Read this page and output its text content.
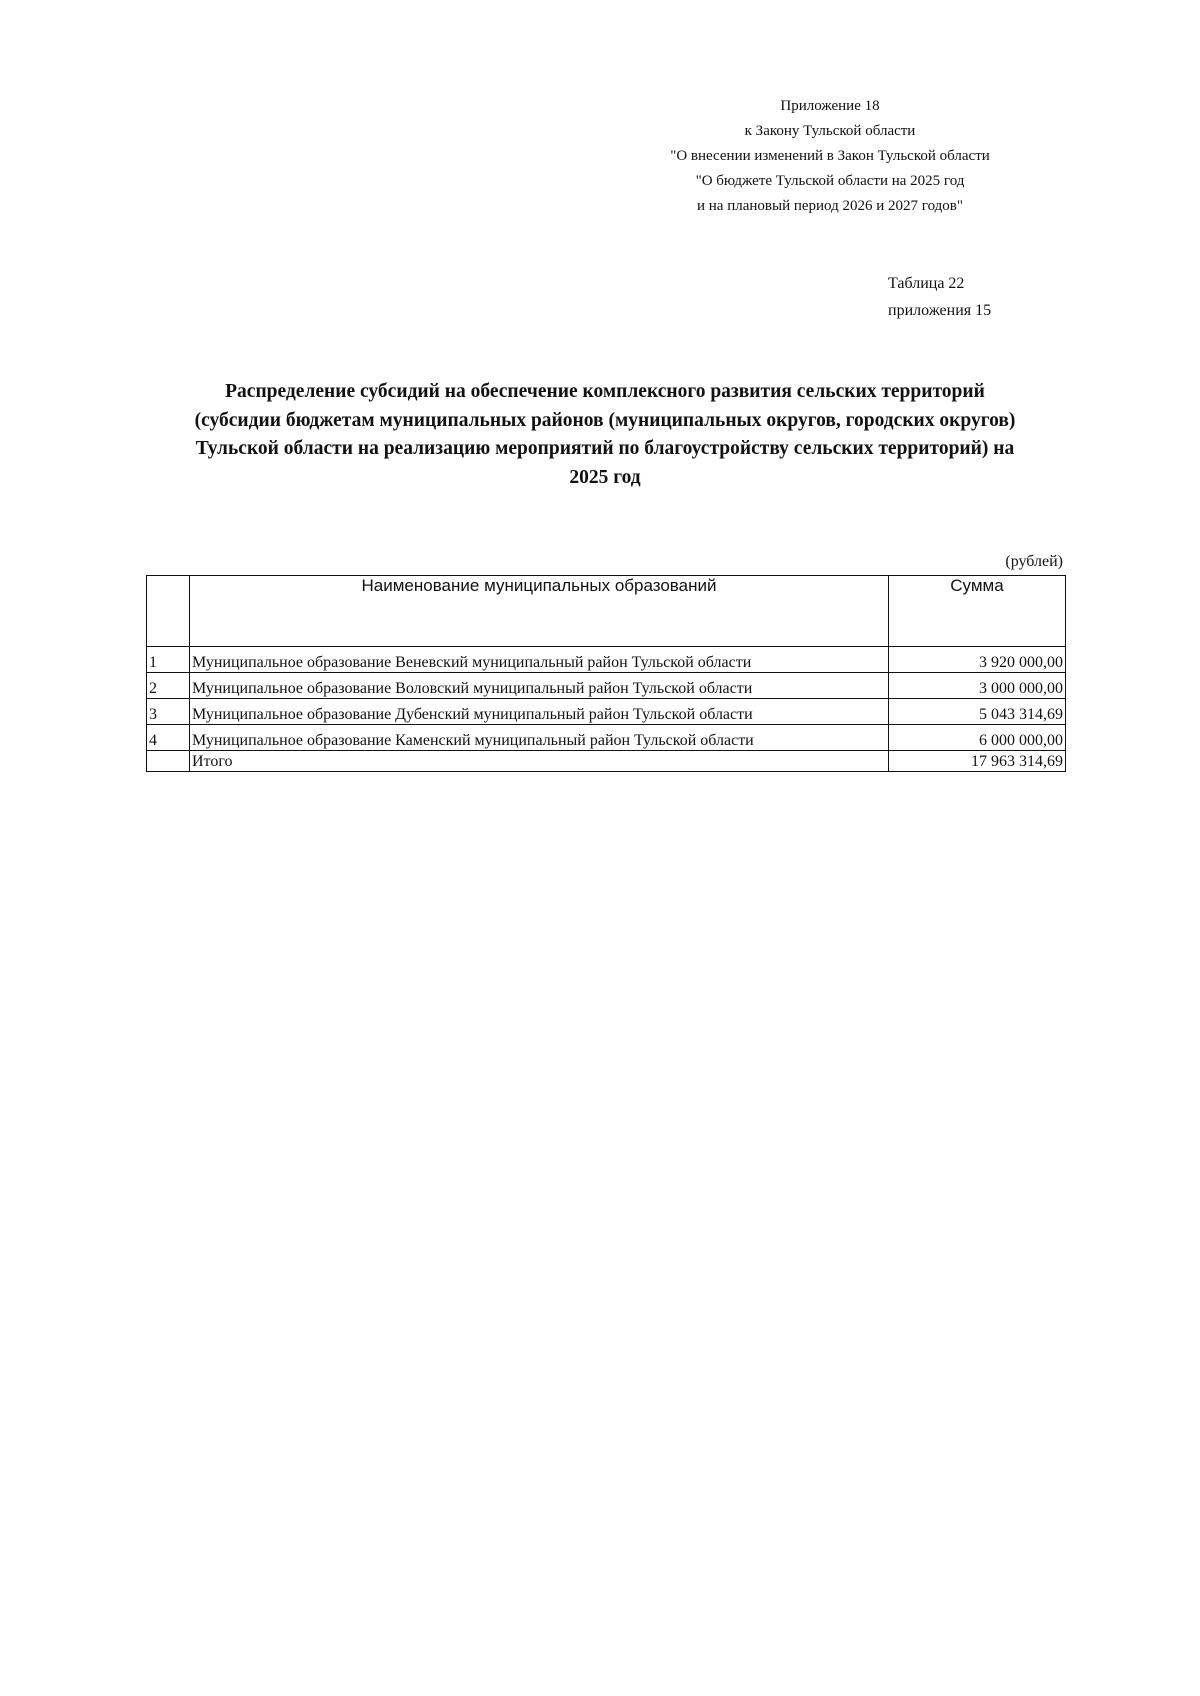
Приложение 18
к Закону Тульской области
"О внесении изменений в Закон Тульской области
"О бюджете Тульской области на 2025 год
и на плановый период 2026 и 2027 годов"
Таблица 22
приложения 15
Распределение субсидий на обеспечение комплексного развития сельских территорий
(субсидии бюджетам муниципальных районов (муниципальных округов, городских округов)
Тульской области на реализацию мероприятий по благоустройству сельских территорий) на
2025 год
(рублей)
	Наименование муниципальных образований	Сумма
1	Муниципальное образование Веневский муниципальный район Тульской области	3 920 000,00
2	Муниципальное образование Воловский муниципальный район Тульской области	3 000 000,00
3	Муниципальное образование Дубенский муниципальный район Тульской области	5 043 314,69
4	Муниципальное образование Каменский муниципальный район Тульской области	6 000 000,00
	Итого	17 963 314,69
